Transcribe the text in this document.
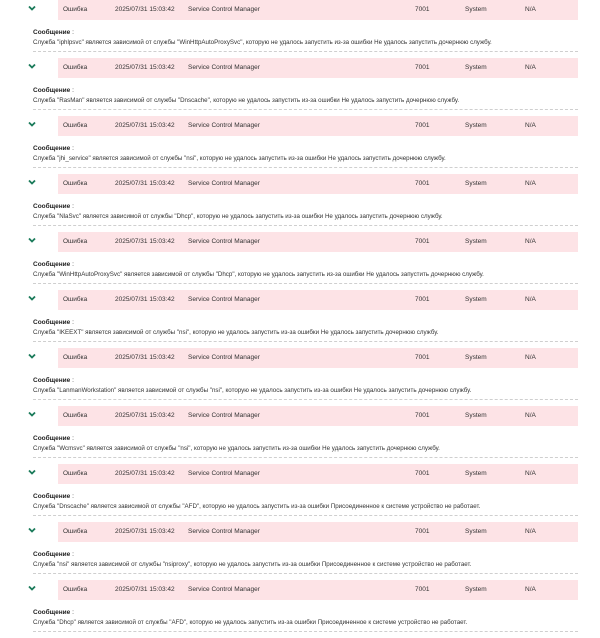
Ошибка	2025/07/31 15:03:42 Service Control Manager	7001	System	N/A
Сообщение :
Служба "iphlpsvc" является зависимой от службы "WinHttpAutoProxySvc", которую не удалось запустить из-за ошибки Не удалось запустить дочернюю службу.
Ошибка	2025/07/31 15:03:42 Service Control Manager	7001	System	N/A
Сообщение :
Служба "RasMan" является зависимой от службы "Dnscache", которую не удалось запустить из-за ошибки Не удалось запустить дочернюю службу.
Ошибка	2025/07/31 15:03:42 Service Control Manager	7001	System	N/A
Сообщение :
Служба "jhi_service" является зависимой от службы "nsi", которую не удалось запустить из-за ошибки Не удалось запустить дочернюю службу.
Ошибка	2025/07/31 15:03:42 Service Control Manager	7001	System	N/A
Сообщение :
Служба "NlaSvc" является зависимой от службы "Dhcp", которую не удалось запустить из-за ошибки Не удалось запустить дочернюю службу.
Ошибка	2025/07/31 15:03:42 Service Control Manager	7001	System	N/A
Сообщение :
Служба "WinHttpAutoProxySvc" является зависимой от службы "Dhcp", которую не удалось запустить из-за ошибки Не удалось запустить дочернюю службу.
Ошибка	2025/07/31 15:03:42 Service Control Manager	7001	System	N/A
Сообщение :
Служба "IKEEXT" является зависимой от службы "nsi", которую не удалось запустить из-за ошибки Не удалось запустить дочернюю службу.
Ошибка	2025/07/31 15:03:42 Service Control Manager	7001	System	N/A
Сообщение :
Служба "LanmanWorkstation" является зависимой от службы "nsi", которую не удалось запустить из-за ошибки Не удалось запустить дочернюю службу.
Ошибка	2025/07/31 15:03:42 Service Control Manager	7001	System	N/A
Сообщение :
Служба "Wcmsvc" является зависимой от службы "nsi", которую не удалось запустить из-за ошибки Не удалось запустить дочернюю службу.
Ошибка	2025/07/31 15:03:42 Service Control Manager	7001	System	N/A
Сообщение :
Служба "Dnscache" является зависимой от службы "AFD", которую не удалось запустить из-за ошибки Присоединенное к системе устройство не работает.
Ошибка	2025/07/31 15:03:42 Service Control Manager	7001	System	N/A
Сообщение :
Служба "nsi" является зависимой от службы "nsiproxy", которую не удалось запустить из-за ошибки Присоединенное к системе устройство не работает.
Ошибка	2025/07/31 15:03:42 Service Control Manager	7001	System	N/A
Сообщение :
Служба "Dhcp" является зависимой от службы "AFD", которую не удалось запустить из-за ошибки Присоединенное к системе устройство не работает.
